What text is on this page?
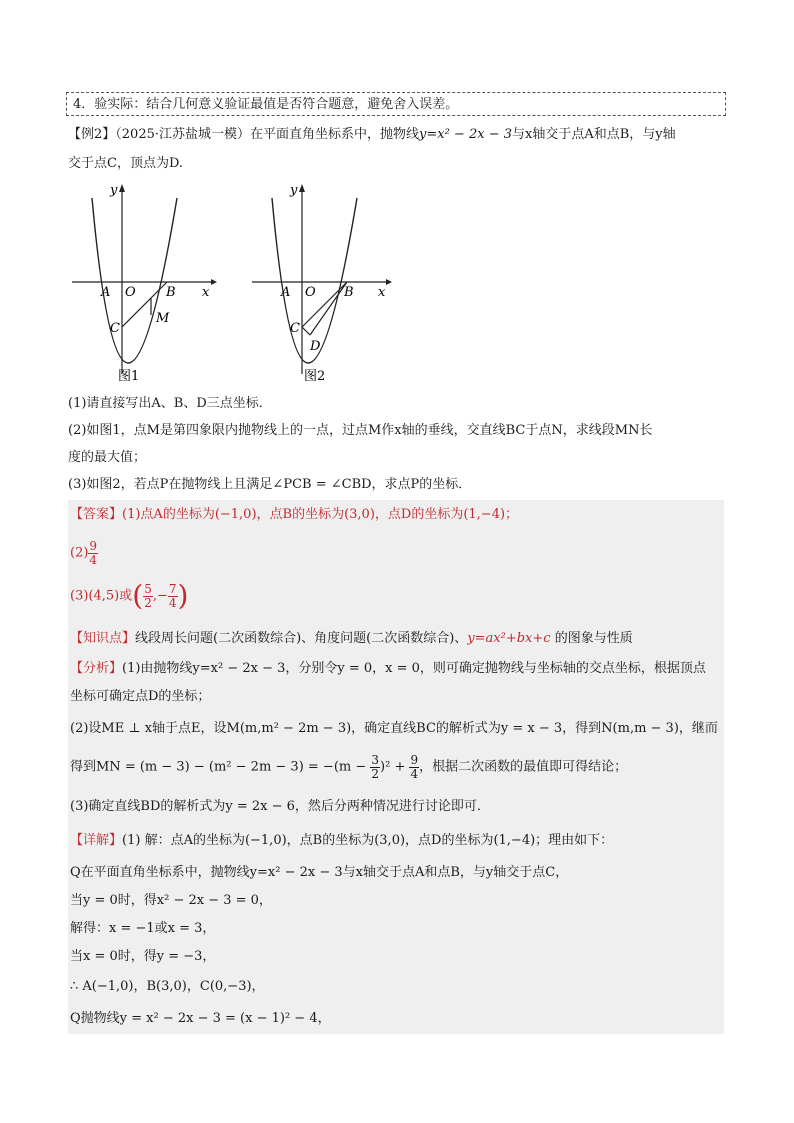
4．验实际：结合几何意义验证最值是否符合题意，避免舍入误差。
【例2】（2025·江苏盐城一模）在平面直角坐标系中，抛物线y=x² − 2x − 3与x轴交于点A和点B，与y轴
交于点C，顶点为D.
A O B
C
M
x
y
图1
A O B
C
D
x
y
图2
(1)请直接写出A、B、D三点坐标．
(2)如图1，点M是第四象限内抛物线上的一点，过点M作x轴的垂线，交直线BC于点N，求线段MN长
度的最大值；
(3)如图2，若点P在抛物线上且满足∠PCB = ∠CBD，求点P的坐标．
【答案】(1)点A的坐标为(−1,0)，点B的坐标为(3,0)，点D的坐标为(1,−4)；
$(2) \frac{9}{4}$
(3)(4,5)或( $\frac{5}{2}$ ,− $\frac{7}{4}$ )
【知识点】线段周长问题(二次函数综合)、角度问题(二次函数综合)、y=ax²+bx+c 的图象与性质
【分析】(1)由抛物线y=x² − 2x − 3，分别令y = 0，x = 0，则可确定抛物线与坐标轴的交点坐标，根据顶点
坐标可确定点D的坐标；
(2)设ME ⊥ x轴于点E，设M(m,m² − 2m − 3)，确定直线BC的解析式为y = x − 3，得到N(m,m − 3)，继而
得到MN = $(m - 3) - (m^2 - 2m - 3) = -(m - \frac{3}{2} )^2 + \frac{9}{4}$ ，根据二次函数的最值即可得结论；
(3)确定直线BD的解析式为y = 2x − 6，然后分两种情况进行讨论即可．
【详解】(1) 解：点A的坐标为(−1,0)，点B的坐标为(3,0)，点D的坐标为(1,−4)；理由如下：
Q在平面直角坐标系中，抛物线y=x² − 2x − 3与x轴交于点A和点B，与y轴交于点C，
当y = 0时，得x² − 2x − 3 = 0，
解得：x = −1或x = 3，
当x = 0时，得y = −3，
∴ A(−1,0)，B(3,0)，C(0,−3)，
Q抛物线y = x² − 2x − 3 = (x − 1)² − 4，
